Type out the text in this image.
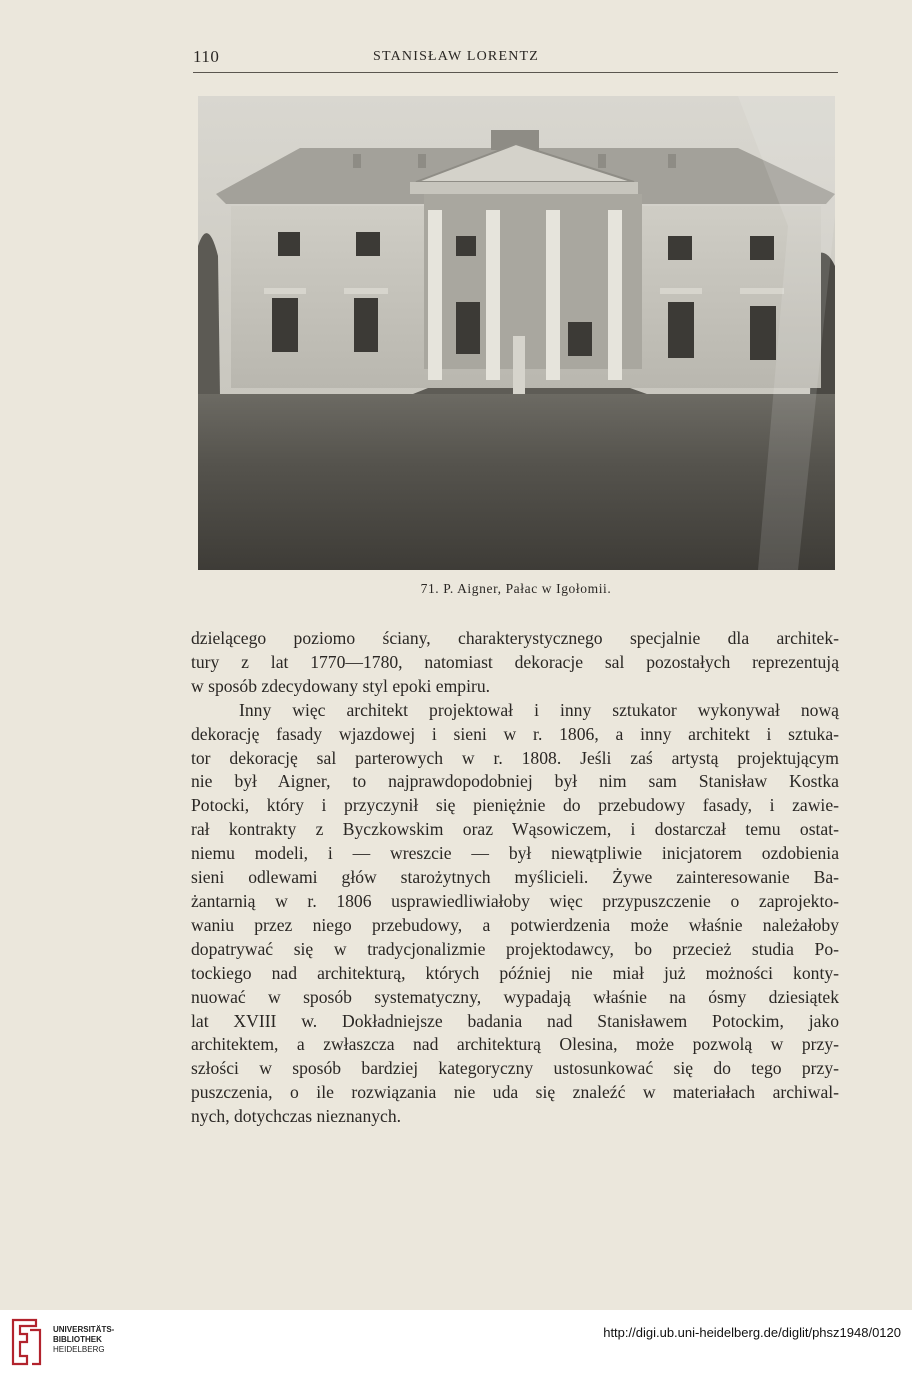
110	STANISŁAW LORENTZ
71. P. Aigner, Pałac w Igołomii.
dzielącego poziomo ściany, charakterystycznego specjalnie dla architek-
tury z lat 1770—1780, natomiast dekoracje sal pozostałych reprezentują
w sposób zdecydowany styl epoki empiru.
Inny więc architekt projektował i inny sztukator wykonywał nową
dekorację fasady wjazdowej i sieni w r. 1806, a inny architekt i sztuka-
tor dekorację sal parterowych w r. 1808. Jeśli zaś artystą projektującym
nie był Aigner, to najprawdopodobniej był nim sam Stanisław Kostka
Potocki, który i przyczynił się pieniężnie do przebudowy fasady, i zawie-
rał kontrakty z Byczkowskim oraz Wąsowiczem, i dostarczał temu ostat-
niemu modeli, i — wreszcie — był niewątpliwie inicjatorem ozdobienia
sieni odlewami głów starożytnych myślicieli. Żywe zainteresowanie Ba-
żantarnią w r. 1806 usprawiedliwiałoby więc przypuszczenie o zaprojekto-
waniu przez niego przebudowy, a potwierdzenia może właśnie należałoby
dopatrywać się w tradycjonalizmie projektodawcy, bo przecież studia Po-
tockiego nad architekturą, których później nie miał już możności konty-
nuować w sposób systematyczny, wypadają właśnie na ósmy dziesiątek
lat XVIII w. Dokładniejsze badania nad Stanisławem Potockim, jako
architektem, a zwłaszcza nad architekturą Olesina, może pozwolą w przy-
szłości w sposób bardziej kategoryczny ustosunkować się do tego przy-
puszczenia, o ile rozwiązania nie uda się znaleźć w materiałach archiwal-
nych, dotychczas nieznanych.
UNIVERSITÄTS-
BIBLIOTHEK
HEIDELBERG
http://digi.ub.uni-heidelberg.de/diglit/phsz1948/0120
